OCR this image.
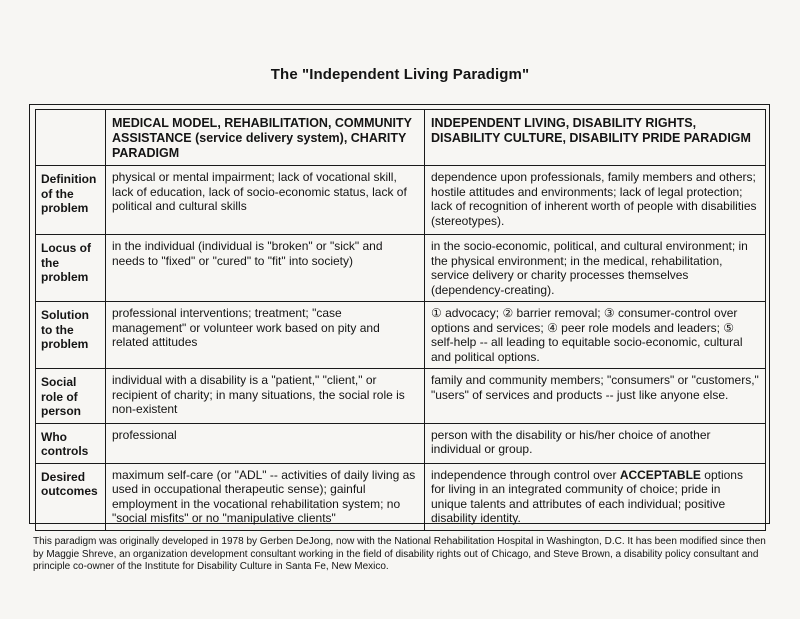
The "Independent Living Paradigm"
	MEDICAL MODEL, REHABILITATION, COMMUNITY ASSISTANCE (service delivery system), CHARITY PARADIGM	INDEPENDENT LIVING, DISABILITY RIGHTS, DISABILITY CULTURE, DISABILITY PRIDE PARADIGM
Definition of the problem	physical or mental impairment; lack of vocational skill, lack of education, lack of socio-economic status, lack of political and cultural skills	dependence upon professionals, family members and others; hostile attitudes and environments; lack of legal protection; lack of recognition of inherent worth of people with disabilities (stereotypes).
Locus of the problem	in the individual (individual is "broken" or "sick" and needs to "fixed" or "cured" to "fit" into society)	in the socio-economic, political, and cultural environment; in the physical environment; in the medical, rehabilitation, service delivery or charity processes themselves (dependency-creating).
Solution to the problem	professional interventions; treatment; "case management" or volunteer work based on pity and related attitudes	① advocacy; ② barrier removal; ③ consumer-control over options and services; ④ peer role models and leaders; ⑤ self-help -- all leading to equitable socio-economic, cultural and political options.
Social role of person	individual with a disability is a "patient," "client," or recipient of charity; in many situations, the social role is non-existent	family and community members; "consumers" or "customers," "users" of services and products -- just like anyone else.
Who controls	professional	person with the disability or his/her choice of another individual or group.
Desired outcomes	maximum self-care (or "ADL" -- activities of daily living as used in occupational therapeutic sense); gainful employment in the vocational rehabilitation system; no "social misfits" or no "manipulative clients"	independence through control over ACCEPTABLE options for living in an integrated community of choice; pride in unique talents and attributes of each individual; positive disability identity.
This paradigm was originally developed in 1978 by Gerben DeJong, now with the National Rehabilitation Hospital in Washington, D.C. It has been modified since then by Maggie Shreve, an organization development consultant working in the field of disability rights out of Chicago, and Steve Brown, a disability policy consultant and principle co-owner of the Institute for Disability Culture in Santa Fe, New Mexico.
